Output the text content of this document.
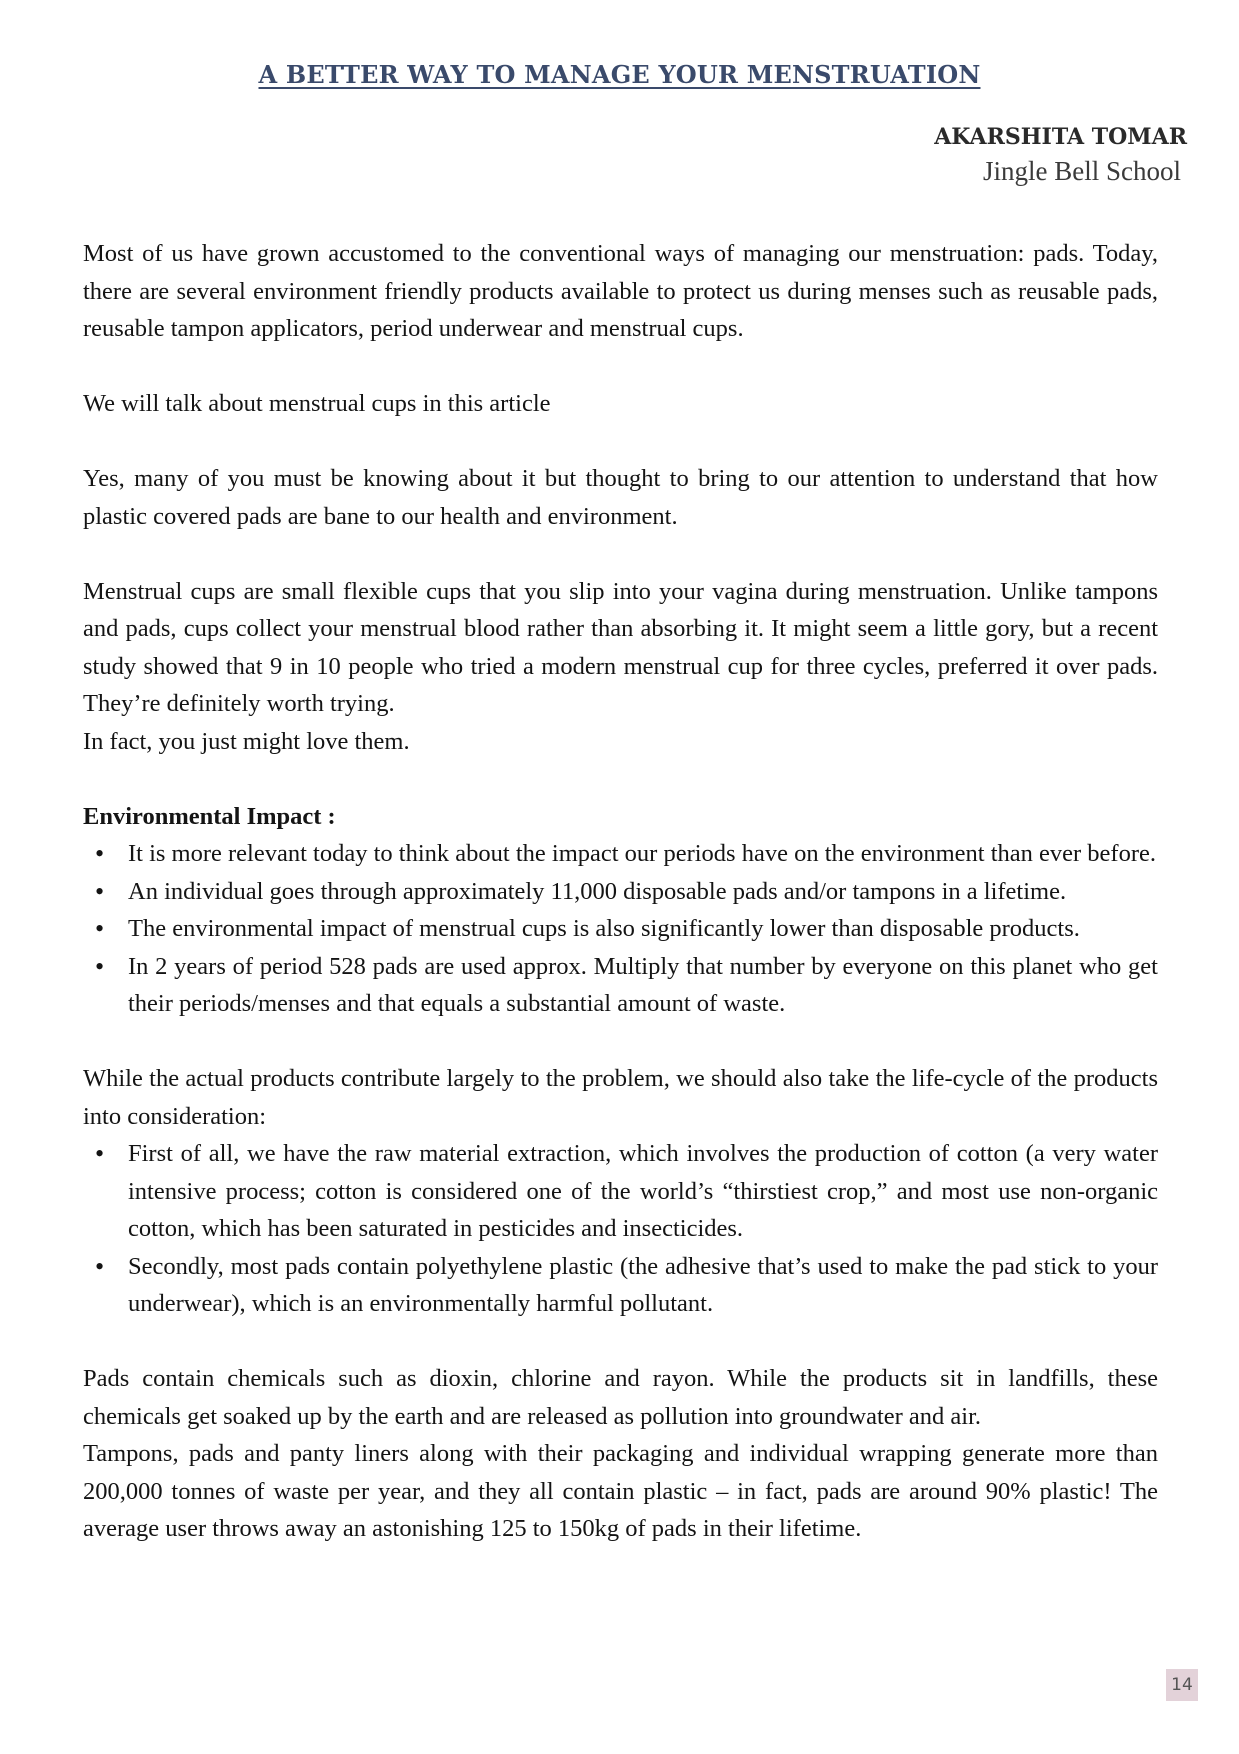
A BETTER WAY TO MANAGE YOUR MENSTRUATION
AKARSHITA TOMAR
Jingle Bell School

Most of us have grown accustomed to the conventional ways of managing our menstruation: pads. Today, there are several environment friendly products available to protect us during menses such as reusable pads, reusable tampon applicators, period underwear and menstrual cups.

We will talk about menstrual cups in this article

Yes, many of you must be knowing about it but thought to bring to our attention to understand that how plastic covered pads are bane to our health and environment.

Menstrual cups are small flexible cups that you slip into your vagina during menstruation. Unlike tampons and pads, cups collect your menstrual blood rather than absorbing it. It might seem a little gory, but a recent study showed that 9 in 10 people who tried a modern menstrual cup for three cycles, preferred it over pads. They’re definitely worth trying.

In fact, you just might love them.

Environmental Impact :
• It is more relevant today to think about the impact our periods have on the environment than ever before.
• An individual goes through approximately 11,000 disposable pads and/or tampons in a lifetime.
• The environmental impact of menstrual cups is also significantly lower than disposable products.
• In 2 years of period 528 pads are used approx. Multiply that number by everyone on this planet who get their periods/menses and that equals a substantial amount of waste.

While the actual products contribute largely to the problem, we should also take the life-cycle of the products into consideration:

• First of all, we have the raw material extraction, which involves the production of cotton (a very water intensive process; cotton is considered one of the world’s “thirstiest crop,” and most use non-organic cotton, which has been saturated in pesticides and insecticides.
• Secondly, most pads contain polyethylene plastic (the adhesive that’s used to make the pad stick to your underwear), which is an environmentally harmful pollutant.

Pads contain chemicals such as dioxin, chlorine and rayon. While the products sit in landfills, these chemicals get soaked up by the earth and are released as pollution into groundwater and air.

Tampons, pads and panty liners along with their packaging and individual wrapping generate more than 200,000 tonnes of waste per year, and they all contain plastic – in fact, pads are around 90% plastic! The average user throws away an astonishing 125 to 150kg of pads in their lifetime.

14
